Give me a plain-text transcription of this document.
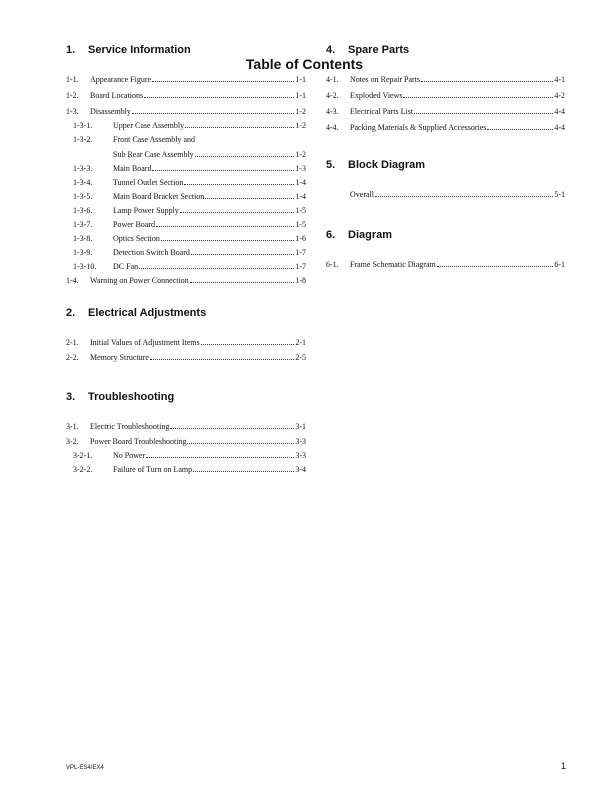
Table of Contents
1. Service Information
1-1.	Appearance Figure	1-1
1-2.	Board Locations	1-1
1-3.	Disassembly	1-2
1-3-1.	Upper Case Assembly	1-2
1-3-2.	Front Case Assembly and
Sub Rear Case Assembly	1-2
1-3-3.	Main Board	1-3
1-3-4.	Tunnel Outlet Section	1-4
1-3-5.	Main Board Bracket Section	1-4
1-3-6.	Lamp Power Supply	1-5
1-3-7.	Power Board	1-5
1-3-8.	Optics Section	1-6
1-3-9.	Detection Switch Board	1-7
1-3-10.	DC Fan	1-7
1-4.	Warning on Power Connection	1-8
2. Electrical Adjustments
2-1.	Initial Values of Adjustment Items	2-1
2-2.	Memory Structure	2-5
3. Troubleshooting
3-1.	Electric Troubleshooting	3-1
3-2.	Power Board Troubleshooting	3-3
3-2-1.	No Power	3-3
3-2-2.	Failure of Turn on Lamp	3-4
4. Spare Parts
4-1.	Notes on Repair Parts	4-1
4-2.	Exploded Views	4-2
4-3.	Electrical Parts List	4-4
4-4.	Packing Materials & Supplied Accessories	4-4
5. Block Diagram
Overall	5-1
6. Diagram
6-1.	Frame Schematic Diagram	6-1
VPL-ES4/EX4	1
